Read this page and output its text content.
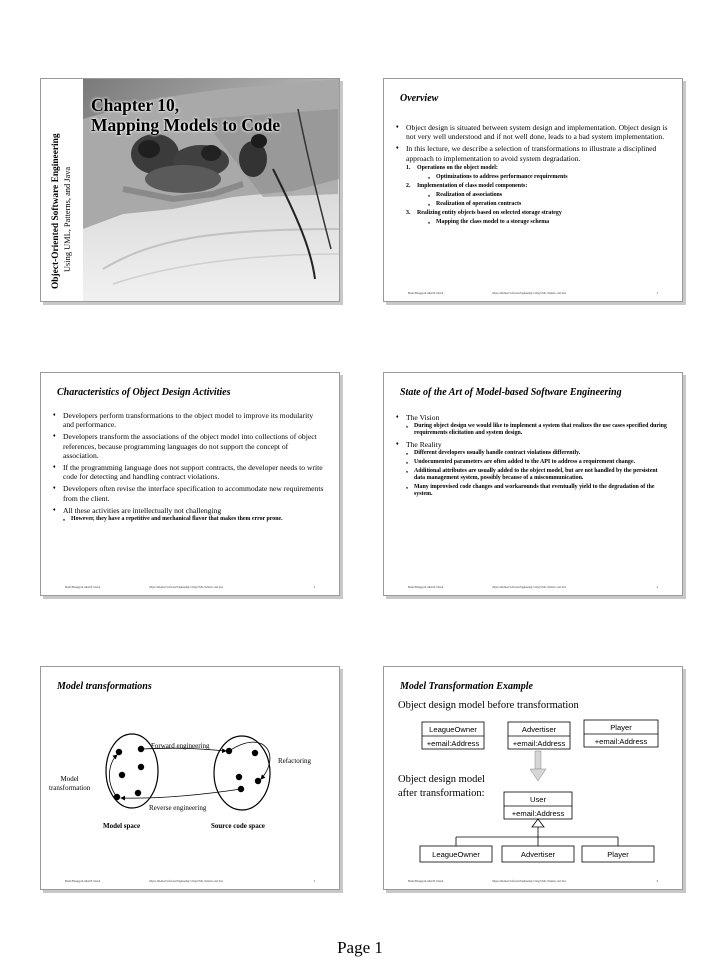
Object-Oriented Software Engineering Using UML, Patterns, and Java
Chapter 10,
Mapping Models to Code
Overview
♦ Object design is situated between system design and implementation. Object design is not very well understood and if not well done, leads to a bad system implementation.
♦ In this lecture, we describe a selection of transformations to illustrate a disciplined approach to implementation to avoid system degradation.
1. Operations on the object model:
♦ Optimizations to address performance requirements
2. Implementation of class model components:
♦ Realization of associations
♦ Realization of operation contracts
3. Realizing entity objects based on selected storage strategy
♦ Mapping the class model to a storage schema
Bernd Bruegge & Allen H. Dutoit	Object-Oriented Software Engineering: Using UML, Patterns, and Java	2
Characteristics of Object Design Activities
♦ Developers perform transformations to the object model to improve its modularity and performance.
♦ Developers transform the associations of the object model into collections of object references, because programming languages do not support the concept of association.
♦ If the programming language does not support contracts, the developer needs to write code for detecting and handling contract violations.
♦ Developers often revise the interface specification to accommodate new requirements from the client.
♦ All these activities are intellectually not challenging
♦ However, they have a repetitive and mechanical flavor that makes them error prone.
Bernd Bruegge & Allen H. Dutoit	Object-Oriented Software Engineering: Using UML, Patterns, and Java	3
State of the Art of Model-based Software Engineering
♦ The Vision
♦ During object design we would like to implement a system that realizes the use cases specified during requirements elicitation and system design.
♦ The Reality
♦ Different developers usually handle contract violations differently.
♦ Undocumented parameters are often added to the API to address a requirement change.
♦ Additional attributes are usually added to the object model, but are not handled by the persistent data management system, possibly because of a miscommunication.
♦ Many improvised code changes and workarounds that eventually yield to the degradation of the system.
Bernd Bruegge & Allen H. Dutoit	Object-Oriented Software Engineering: Using UML, Patterns, and Java	4
Model transformations
Forward engineering
Refactoring
Model
transformation
Reverse engineering
Model space	Source code space
Bernd Bruegge & Allen H. Dutoit	Object-Oriented Software Engineering: Using UML, Patterns, and Java	5
Model Transformation Example
Object design model before transformation
LeagueOwner
+email:Address
Advertiser
+email:Address
Player
+email:Address
User
+email:Address
LeagueOwner	Advertiser	Player
Object design model
after transformation:
Bernd Bruegge & Allen H. Dutoit	Object-Oriented Software Engineering: Using UML, Patterns, and Java	6
Page 1
